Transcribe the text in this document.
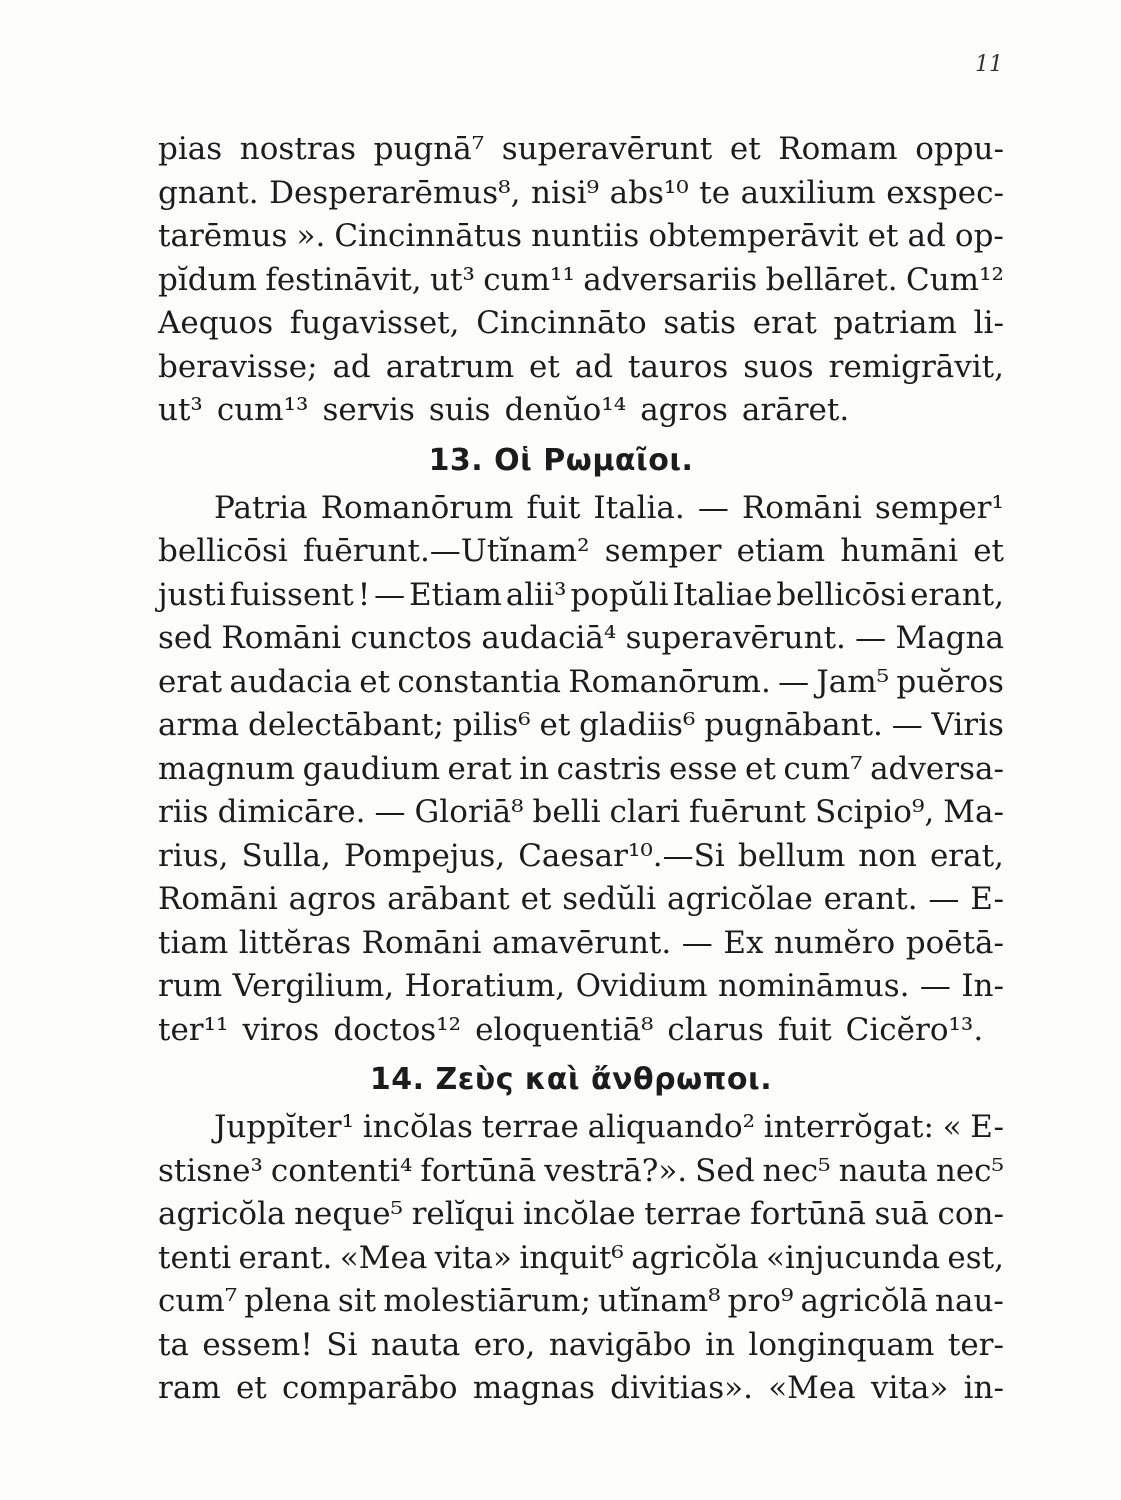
11
pias nostras pugnā⁷ superavērunt et Romam oppu-
gnant. Desperarēmus⁸, nisi⁹ abs¹⁰ te auxilium exspec-
tarēmus ». Cincinnātus nuntiis obtemperāvit et ad op-
pĭdum festināvit, ut³ cum¹¹ adversariis bellāret. Cum¹²
Aequos fugavisset, Cincinnāto satis erat patriam li-
beravisse; ad aratrum et ad tauros suos remigrāvit,
ut³ cum¹³ servis suis denŭo¹⁴ agros arāret.
13. Οἱ Ρωμαῖοι.
Patria Romanōrum fuit Italia. — Romāni semper¹
bellicōsi fuērunt.—Utĭnam² semper etiam humāni et
justi fuissent ! — Etiam alii³ popŭli Italiae bellicōsi erant,
sed Romāni cunctos audaciā⁴ superavērunt. — Magna
erat audacia et constantia Romanōrum. — Jam⁵ puĕros
arma delectābant; pilis⁶ et gladiis⁶ pugnābant. — Viris
magnum gaudium erat in castris esse et cum⁷ adversa-
riis dimicāre. — Gloriā⁸ belli clari fuērunt Scipio⁹, Ma-
rius, Sulla, Pompejus, Caesar¹⁰.—Si bellum non erat,
Romāni agros arābant et sedŭli agricŏlae erant. — E-
tiam littĕras Romāni amavērunt. — Ex numĕro poētā-
rum Vergilium, Horatium, Ovidium nomināmus. — In-
ter¹¹ viros doctos¹² eloquentiā⁸ clarus fuit Cicĕro¹³.
14. Ζεὺς καὶ ἄνθρωποι.
Juppĭter¹ incŏlas terrae aliquando² interrŏgat: « E-
stisne³ contenti⁴ fortūnā vestrā?». Sed nec⁵ nauta nec⁵
agricŏla neque⁵ relĭqui incŏlae terrae fortūnā suā con-
tenti erant. «Mea vita» inquit⁶ agricŏla «injucunda est,
cum⁷ plena sit molestiārum; utĭnam⁸ pro⁹ agricŏlā nau-
ta essem! Si nauta ero, navigābo in longinquam ter-
ram et comparābo magnas divitias». «Mea vita» in-
